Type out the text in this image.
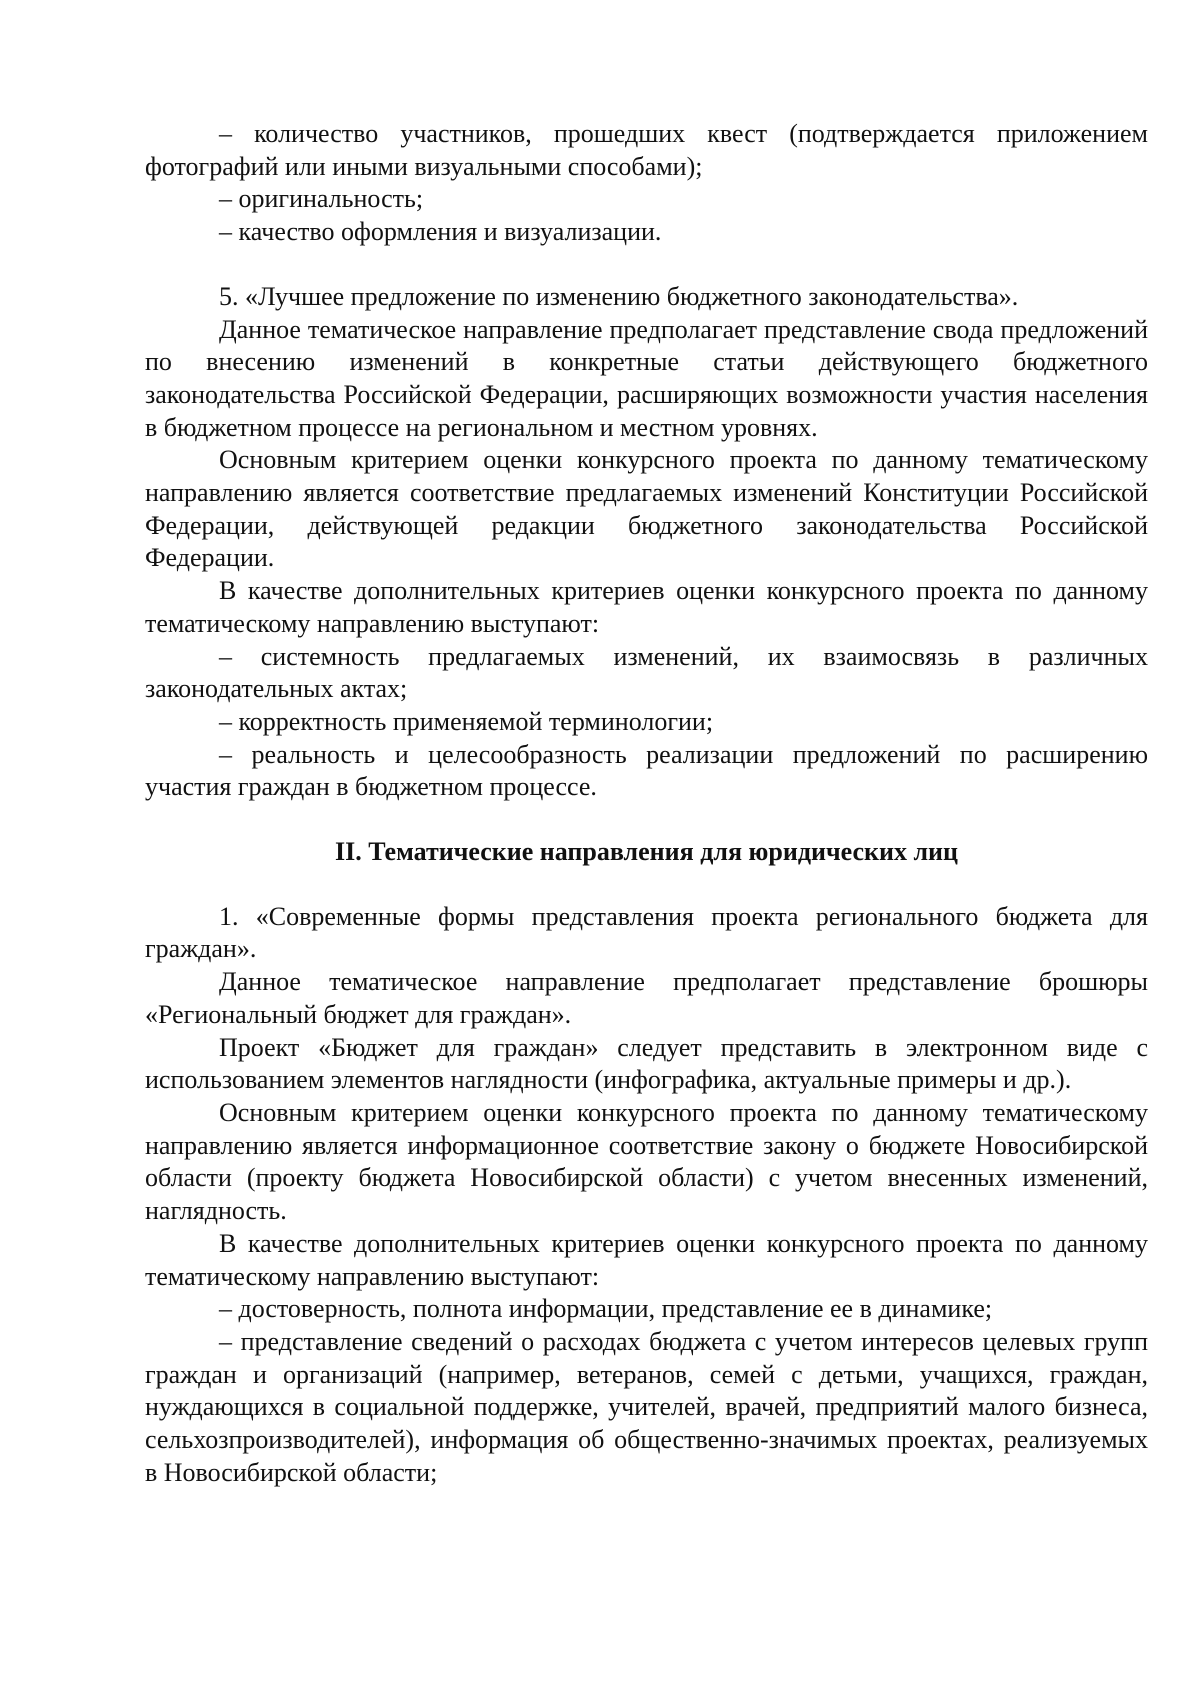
– количество участников, прошедших квест (подтверждается приложением фотографий или иными визуальными способами);

– оригинальность;

– качество оформления и визуализации.

5. «Лучшее предложение по изменению бюджетного законодательства».

Данное тематическое направление предполагает представление свода предложений по внесению изменений в конкретные статьи действующего бюджетного законодательства Российской Федерации, расширяющих возможности участия населения в бюджетном процессе на региональном и местном уровнях.

Основным критерием оценки конкурсного проекта по данному тематическому направлению является соответствие предлагаемых изменений Конституции Российской Федерации, действующей редакции бюджетного законодательства Российской Федерации.

В качестве дополнительных критериев оценки конкурсного проекта по данному тематическому направлению выступают:

– системность предлагаемых изменений, их взаимосвязь в различных законодательных актах;

– корректность применяемой терминологии;

– реальность и целесообразность реализации предложений по расширению участия граждан в бюджетном процессе.

II. Тематические направления для юридических лиц

1. «Современные формы представления проекта регионального бюджета для граждан».

Данное тематическое направление предполагает представление брошюры «Региональный бюджет для граждан».

Проект «Бюджет для граждан» следует представить в электронном виде с использованием элементов наглядности (инфографика, актуальные примеры и др.).

Основным критерием оценки конкурсного проекта по данному тематическому направлению является информационное соответствие закону о бюджете Новосибирской области (проекту бюджета Новосибирской области) с учетом внесенных изменений, наглядность.

В качестве дополнительных критериев оценки конкурсного проекта по данному тематическому направлению выступают:

– достоверность, полнота информации, представление ее в динамике;

– представление сведений о расходах бюджета с учетом интересов целевых групп граждан и организаций (например, ветеранов, семей с детьми, учащихся, граждан, нуждающихся в социальной поддержке, учителей, врачей, предприятий малого бизнеса, сельхозпроизводителей), информация об общественно-значимых проектах, реализуемых в Новосибирской области;
